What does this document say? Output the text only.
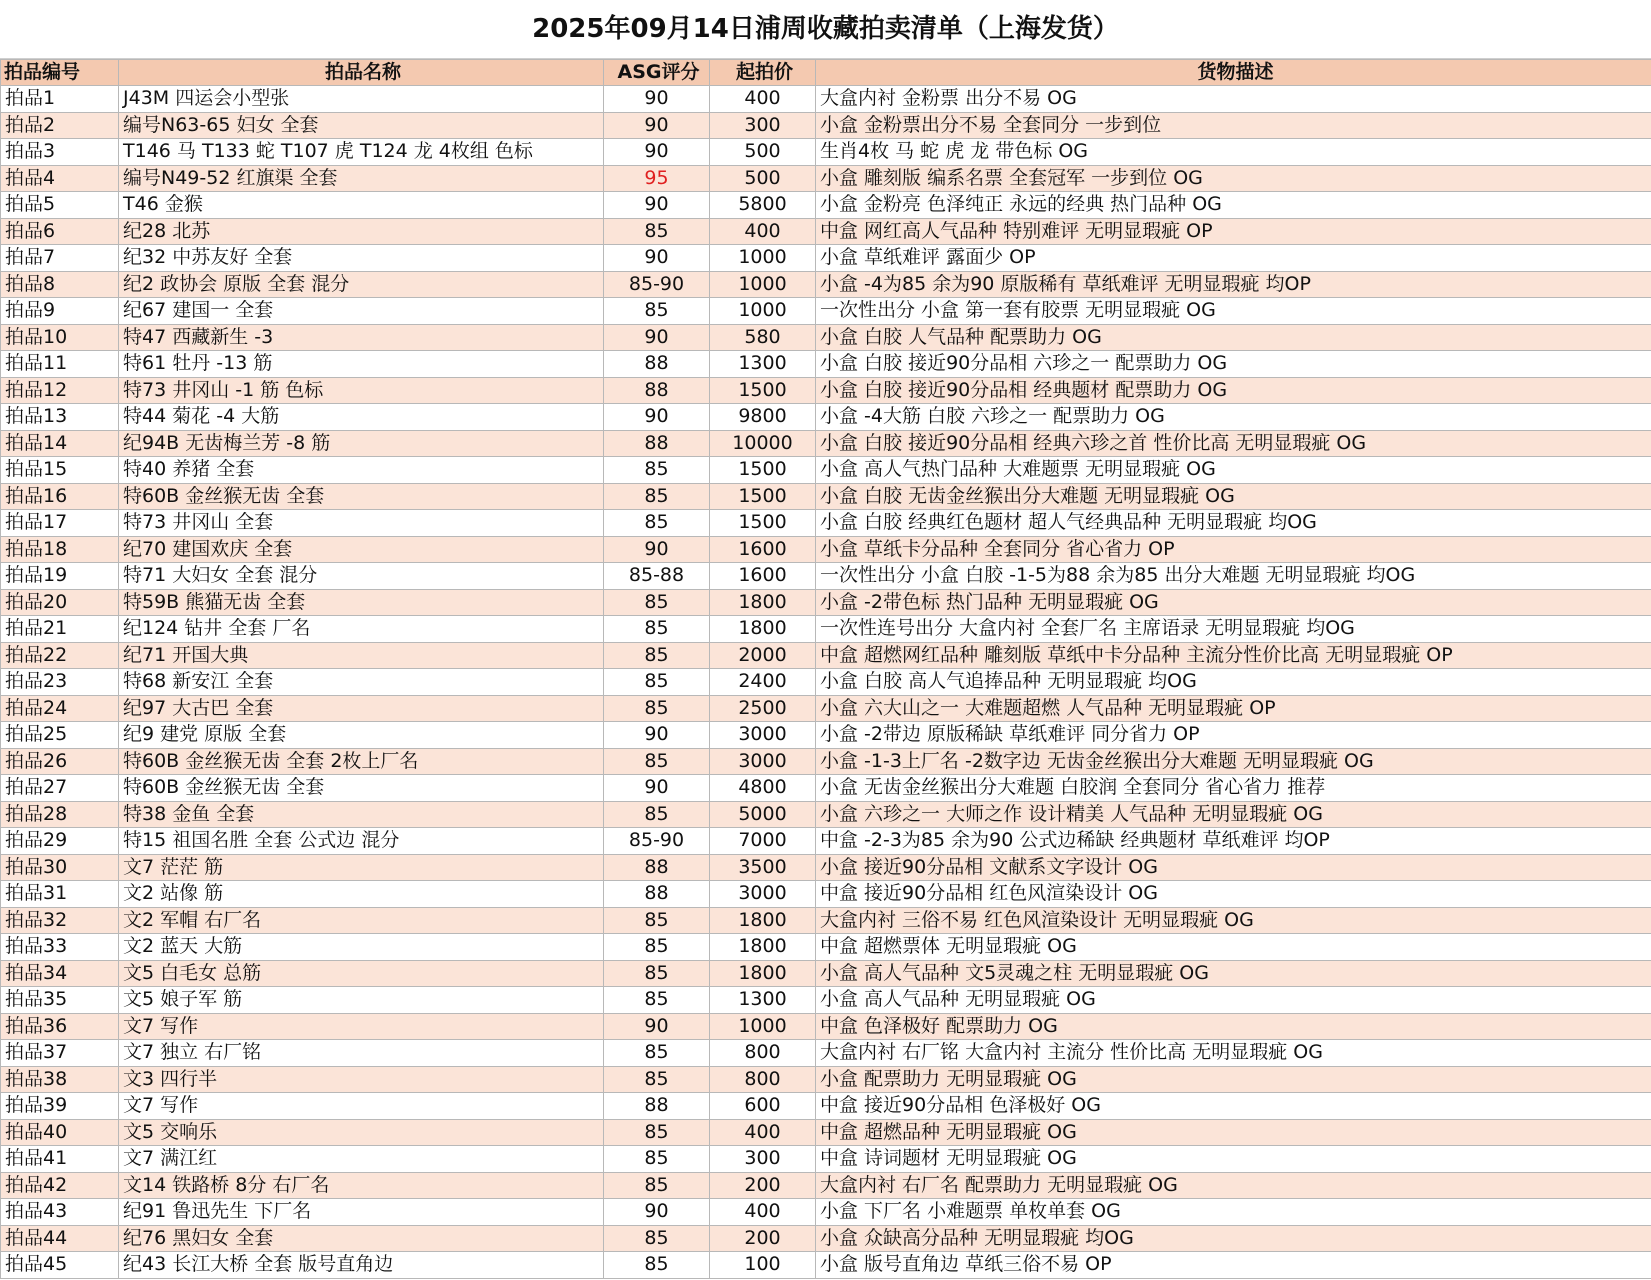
2025年09月14日浦周收藏拍卖清单（上海发货）
拍品编号	拍品名称	ASG评分	起拍价	货物描述
拍品1	J43M 四运会小型张	90	400	大盒内衬 金粉票 出分不易 OG
拍品2	编号N63-65 妇女 全套	90	300	小盒 金粉票出分不易 全套同分 一步到位
拍品3	T146 马 T133 蛇 T107 虎 T124 龙 4枚组 色标	90	500	生肖4枚 马 蛇 虎 龙 带色标 OG
拍品4	编号N49-52 红旗渠 全套	95	500	小盒 雕刻版 编系名票 全套冠军 一步到位 OG
拍品5	T46 金猴	90	5800	小盒 金粉亮 色泽纯正 永远的经典 热门品种 OG
拍品6	纪28 北苏	85	400	中盒 网红高人气品种 特别难评 无明显瑕疵 OP
拍品7	纪32 中苏友好 全套	90	1000	小盒 草纸难评 露面少 OP
拍品8	纪2 政协会 原版 全套 混分	85-90	1000	小盒 -4为85 余为90 原版稀有 草纸难评 无明显瑕疵 均OP
拍品9	纪67 建国一 全套	85	1000	一次性出分 小盒 第一套有胶票 无明显瑕疵 OG
拍品10	特47 西藏新生 -3	90	580	小盒 白胶 人气品种 配票助力 OG
拍品11	特61 牡丹 -13 筋	88	1300	小盒 白胶 接近90分品相 六珍之一 配票助力 OG
拍品12	特73 井冈山 -1 筋 色标	88	1500	小盒 白胶 接近90分品相 经典题材 配票助力 OG
拍品13	特44 菊花 -4 大筋	90	9800	小盒 -4大筋 白胶 六珍之一 配票助力 OG
拍品14	纪94B 无齿梅兰芳 -8 筋	88	10000	小盒 白胶 接近90分品相 经典六珍之首 性价比高 无明显瑕疵 OG
拍品15	特40 养猪 全套	85	1500	小盒 高人气热门品种 大难题票 无明显瑕疵 OG
拍品16	特60B 金丝猴无齿 全套	85	1500	小盒 白胶 无齿金丝猴出分大难题 无明显瑕疵 OG
拍品17	特73 井冈山 全套	85	1500	小盒 白胶 经典红色题材 超人气经典品种 无明显瑕疵 均OG
拍品18	纪70 建国欢庆 全套	90	1600	小盒 草纸卡分品种 全套同分 省心省力 OP
拍品19	特71 大妇女 全套 混分	85-88	1600	一次性出分 小盒 白胶 -1-5为88 余为85 出分大难题 无明显瑕疵 均OG
拍品20	特59B 熊猫无齿 全套	85	1800	小盒 -2带色标 热门品种 无明显瑕疵 OG
拍品21	纪124 钻井 全套 厂名	85	1800	一次性连号出分 大盒内衬 全套厂名 主席语录 无明显瑕疵 均OG
拍品22	纪71 开国大典	85	2000	中盒 超燃网红品种 雕刻版 草纸中卡分品种 主流分性价比高 无明显瑕疵 OP
拍品23	特68 新安江 全套	85	2400	小盒 白胶 高人气追捧品种 无明显瑕疵 均OG
拍品24	纪97 大古巴 全套	85	2500	小盒 六大山之一 大难题超燃 人气品种 无明显瑕疵 OP
拍品25	纪9 建党 原版 全套	90	3000	小盒 -2带边 原版稀缺 草纸难评 同分省力 OP
拍品26	特60B 金丝猴无齿 全套 2枚上厂名	85	3000	小盒 -1-3上厂名 -2数字边 无齿金丝猴出分大难题 无明显瑕疵 OG
拍品27	特60B 金丝猴无齿 全套	90	4800	小盒 无齿金丝猴出分大难题 白胶润 全套同分 省心省力 推荐
拍品28	特38 金鱼 全套	85	5000	小盒 六珍之一 大师之作 设计精美 人气品种 无明显瑕疵 OG
拍品29	特15 祖国名胜 全套 公式边 混分	85-90	7000	中盒 -2-3为85 余为90 公式边稀缺 经典题材 草纸难评 均OP
拍品30	文7 茫茫 筋	88	3500	小盒 接近90分品相 文献系文字设计 OG
拍品31	文2 站像 筋	88	3000	中盒 接近90分品相 红色风渲染设计 OG
拍品32	文2 军帽 右厂名	85	1800	大盒内衬 三俗不易 红色风渲染设计 无明显瑕疵 OG
拍品33	文2 蓝天 大筋	85	1800	中盒 超燃票体 无明显瑕疵 OG
拍品34	文5 白毛女 总筋	85	1800	小盒 高人气品种 文5灵魂之柱 无明显瑕疵 OG
拍品35	文5 娘子军 筋	85	1300	小盒 高人气品种 无明显瑕疵 OG
拍品36	文7 写作	90	1000	中盒 色泽极好 配票助力 OG
拍品37	文7 独立 右厂铭	85	800	大盒内衬 右厂铭 大盒内衬 主流分 性价比高 无明显瑕疵 OG
拍品38	文3 四行半	85	800	小盒 配票助力 无明显瑕疵 OG
拍品39	文7 写作	88	600	中盒 接近90分品相 色泽极好 OG
拍品40	文5 交响乐	85	400	中盒 超燃品种 无明显瑕疵 OG
拍品41	文7 满江红	85	300	中盒 诗词题材 无明显瑕疵 OG
拍品42	文14 铁路桥 8分 右厂名	85	200	大盒内衬 右厂名 配票助力 无明显瑕疵 OG
拍品43	纪91 鲁迅先生 下厂名	90	400	小盒 下厂名 小难题票 单枚单套 OG
拍品44	纪76 黑妇女 全套	85	200	小盒 众缺高分品种 无明显瑕疵 均OG
拍品45	纪43 长江大桥 全套 版号直角边	85	100	小盒 版号直角边 草纸三俗不易 OP
